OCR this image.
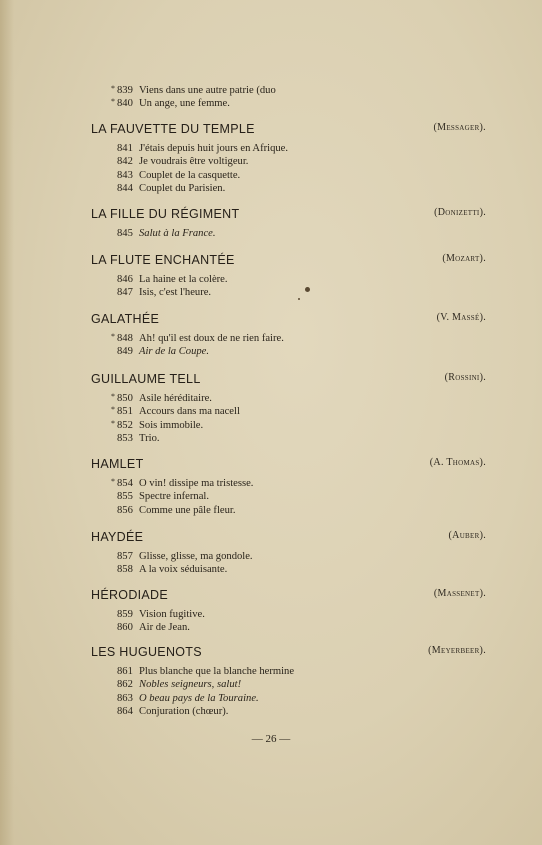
* 839 Viens dans une autre patrie (duo
* 840 Un ange, une femme.
LA FAUVETTE DU TEMPLE	(Messager).
841 J'étais depuis huit jours en Afrique.
842 Je voudrais être voltigeur.
843 Couplet de la casquette.
844 Couplet du Parisien.
LA FILLE DU RÉGIMENT	(Donizetti).
845 Salut à la France.
LA FLUTE ENCHANTÉE	(Mozart).
846 La haine et la colère.
847 Isis, c'est l'heure.
GALATHÉE	(V. Massé).
* 848 Ah! qu'il est doux de ne rien faire.
849 Air de la Coupe.
GUILLAUME TELL	(Rossini).
* 850 Asile héréditaire.
* 851 Accours dans ma nacell
* 852 Sois immobile.
853 Trio.
HAMLET	(A. Thomas).
* 854 O vin! dissipe ma tristesse.
855 Spectre infernal.
856 Comme une pâle fleur.
HAYDÉE	(Auber).
857 Glisse, glisse, ma gondole.
858 A la voix séduisante.
HÉRODIADE	(Massenet).
859 Vision fugitive.
860 Air de Jean.
LES HUGUENOTS	(Meyerbeer).
861 Plus blanche que la blanche hermine
862 Nobles seigneurs, salut!
863 O beau pays de la Touraine.
864 Conjuration (chœur).
— 26 —
